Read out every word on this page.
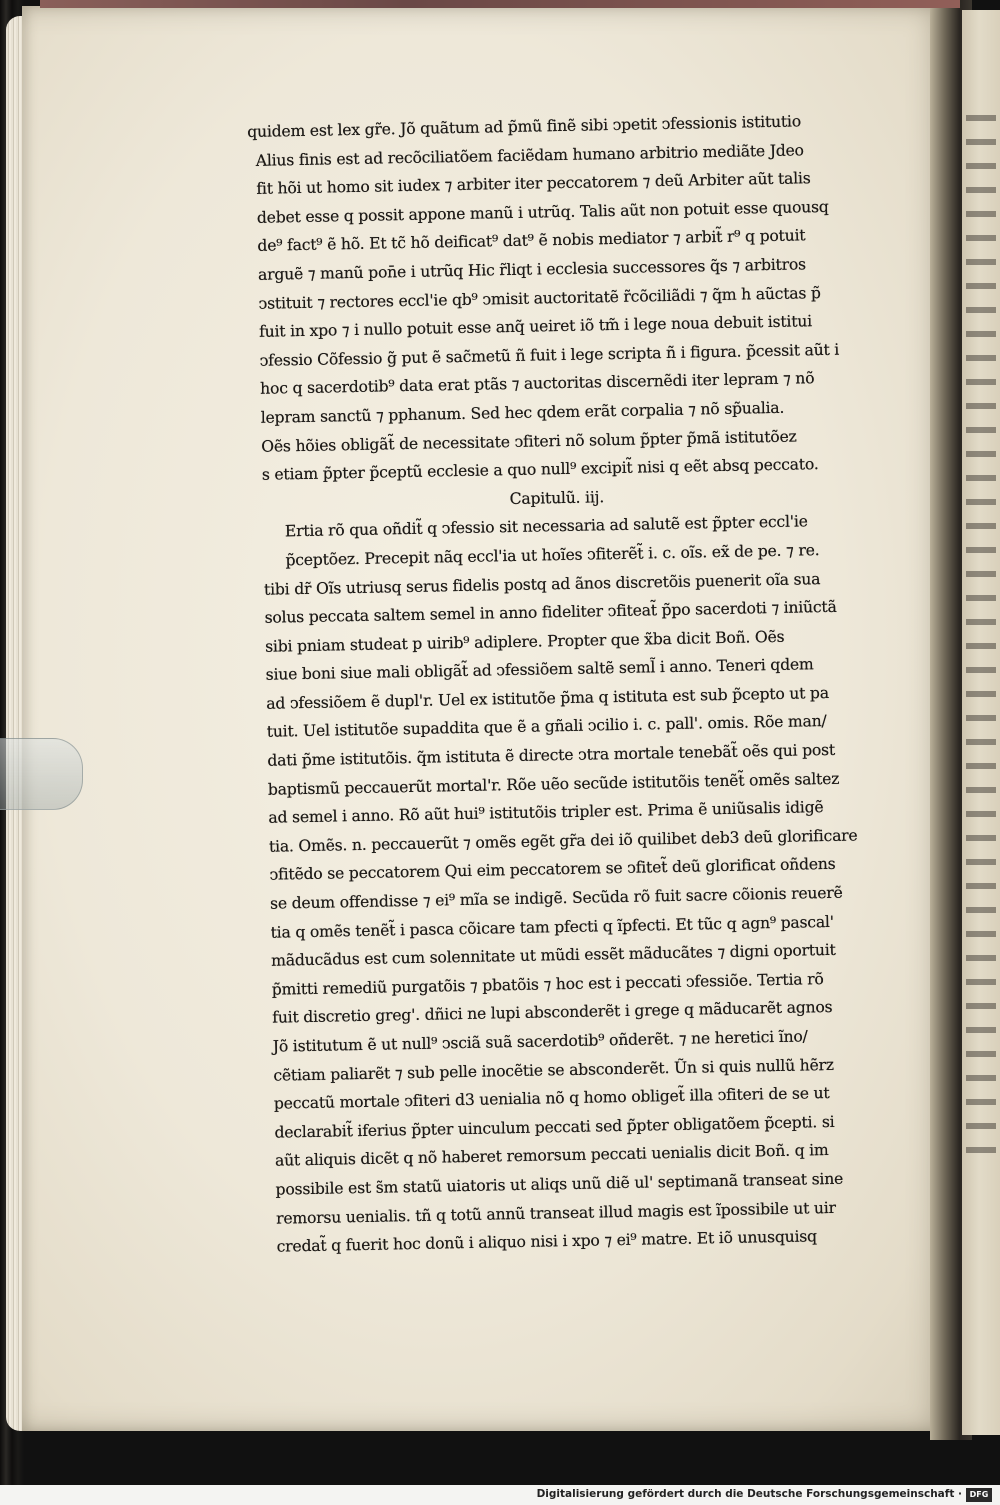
quidem est lex gr̃e. Jõ quãtum ad p̃mũ finẽ sibi ↄpetit ↄfessionis istitutio
Alius finis est ad recõciliatõem faciẽdam humano arbitrio mediãte Jdeo
fit hõi ut homo sit iudex ⁊ arbiter iter peccatorem ⁊ deũ Arbiter aũt talis
debet esse q possit appone manũ i utrũq. Talis aũt non potuit esse quousq
de⁹ fact⁹ ẽ hõ. Et tc̃ hõ deificat⁹ dat⁹ ẽ nobis mediator ⁊ arbit̃ r⁹ q potuit
arguẽ ⁊ manũ pon̄e i utrũq Hic r̃liqt i ecclesia successores q̃s ⁊ arbitros
ↄstituit ⁊ rectores eccl'ie qb⁹ ↄmisit auctoritatẽ r̃cõciliãdi ⁊ q̃m h aũctas p̃
fuit in xpo ⁊ i nullo potuit esse anq̃ ueiret iõ tm̃ i lege noua debuit istitui
ↄfessio Cõfessio g̃ put ẽ sac̃metũ ñ fuit i lege scripta ñ i figura. p̃cessit aũt i
hoc q sacerdotib⁹ data erat ptãs ⁊ auctoritas discernẽdi iter lepram ⁊ nõ
lepram sanctũ ⁊ pphanum. Sed hec qdem erãt corpalia ⁊ nõ sp̃ualia.
Oẽs hõies obligãt̃ de necessitate ↄfiteri nõ solum p̃pter p̃mã istitutõez
s etiam p̃pter p̃ceptũ ecclesie a quo null⁹ excipit̃ nisi q eẽt absq peccato.
Capitulũ. iij.
Ertia rõ qua oñdit̃ q ↄfessio sit necessaria ad salutẽ est p̃pter eccl'ie
p̃ceptõez. Precepit nãq eccl'ia ut hoĩes ↄfiterẽt̃ i. c. oĩs. ex̃ de pe. ⁊ re.
tibi dr̃ Oĩs utriusq serus fidelis postq ad ãnos discretõis puenerit oĩa sua
solus peccata saltem semel in anno fideliter ↄfiteat̃ p̃po sacerdoti ⁊ iniũctã
sibi pniam studeat p uirib⁹ adiplere. Propter que x̃ba dicit Boñ. Oẽs
siue boni siue mali obligãt̃ ad ↄfessiõem saltẽ seml̃ i anno. Teneri qdem
ad ↄfessiõem ẽ dupl'r. Uel ex istitutõe p̃ma q istituta est sub p̃cepto ut pa
tuit. Uel istitutõe supaddita que ẽ a gñali ↄcilio i. c. pall'. omis. Rõe man/
dati p̃me istitutõis. q̃m istituta ẽ directe ↄtra mortale tenebãt̃ oẽs qui post
baptismũ peccauerũt mortal'r. Rõe uẽo secũde istitutõis tenẽt̃ omẽs saltez
ad semel i anno. Rõ aũt hui⁹ istitutõis tripler est. Prima ẽ uniũsalis idigẽ
tia. Omẽs. n. peccauerũt ⁊ omẽs egẽt gr̃a dei iõ quilibet deb3 deũ glorificare
ↄfitẽdo se peccatorem Qui eim peccatorem se ↄfitet̃ deũ glorificat oñdens
se deum offendisse ⁊ ei⁹ mĩa se indigẽ. Secũda rõ fuit sacre cõionis reuerẽ
tia q omẽs tenẽt̃ i pasca cõicare tam pfecti q ĩpfecti. Et tũc q agn⁹ pascal'
mãducãdus est cum solennitate ut mũdi essẽt mãducãtes ⁊ digni oportuit
p̃mitti remediũ purgatõis ⁊ pbatõis ⁊ hoc est i peccati ↄfessiõe. Tertia rõ
fuit discretio greg'. dñici ne lupi absconderẽt i grege q mãducarẽt agnos
Jõ istitutum ẽ ut null⁹ ↄsciã suã sacerdotib⁹ oñderẽt. ⁊ ne heretici ĩno/
cẽtiam paliarẽt ⁊ sub pelle inocẽtie se absconderẽt. Ũn si quis nullũ hẽrz
peccatũ mortale ↄfiteri d3 uenialia nõ q homo obliget̃ illa ↄfiteri de se ut
declarabit̃ iferius p̃pter uinculum peccati sed p̃pter obligatõem p̃cepti. si
aũt aliquis dicẽt q nõ haberet remorsum peccati uenialis dicit Boñ. q im
possibile est s̃m statũ uiatoris ut aliqs unũ diẽ ul' septimanã transeat sine
remorsu uenialis. tñ q totũ annũ transeat illud magis est ĩpossibile ut uir
credat̃ q fuerit hoc donũ i aliquo nisi i xpo ⁊ ei⁹ matre. Et iõ unusquisq
Digitalisierung gefördert durch die Deutsche Forschungsgemeinschaft · DFG
